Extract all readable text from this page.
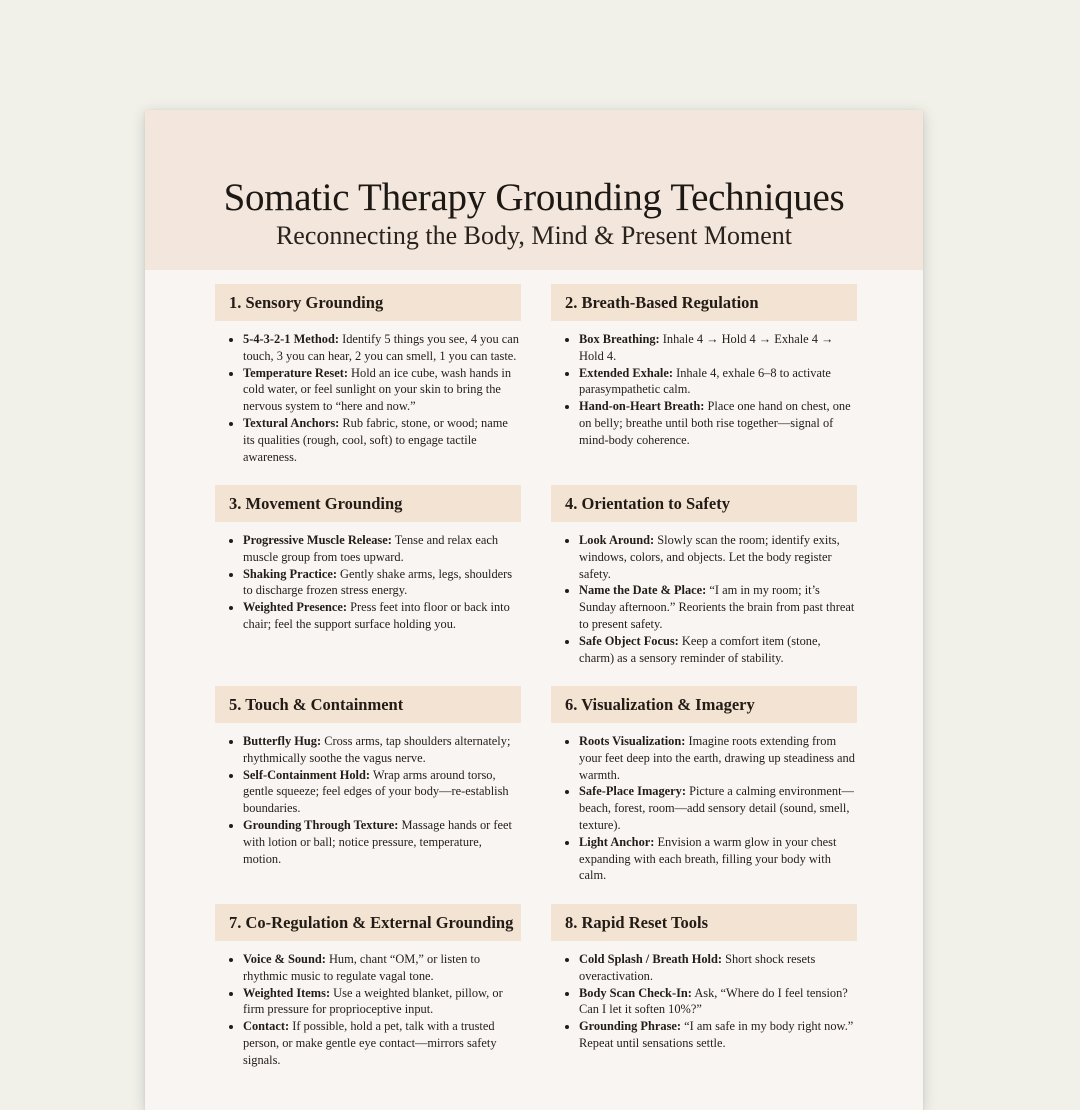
Somatic Therapy Grounding Techniques
Reconnecting the Body, Mind & Present Moment
1. Sensory Grounding
5-4-3-2-1 Method: Identify 5 things you see, 4 you can touch, 3 you can hear, 2 you can smell, 1 you can taste.
Temperature Reset: Hold an ice cube, wash hands in cold water, or feel sunlight on your skin to bring the nervous system to “here and now.”
Textural Anchors: Rub fabric, stone, or wood; name its qualities (rough, cool, soft) to engage tactile awareness.
2. Breath-Based Regulation
Box Breathing: Inhale 4 → Hold 4 → Exhale 4 → Hold 4.
Extended Exhale: Inhale 4, exhale 6–8 to activate parasympathetic calm.
Hand-on-Heart Breath: Place one hand on chest, one on belly; breathe until both rise together—signal of mind-body coherence.
3. Movement Grounding
Progressive Muscle Release: Tense and relax each muscle group from toes upward.
Shaking Practice: Gently shake arms, legs, shoulders to discharge frozen stress energy.
Weighted Presence: Press feet into floor or back into chair; feel the support surface holding you.
4. Orientation to Safety
Look Around: Slowly scan the room; identify exits, windows, colors, and objects. Let the body register safety.
Name the Date & Place: “I am in my room; it’s Sunday afternoon.” Reorients the brain from past threat to present safety.
Safe Object Focus: Keep a comfort item (stone, charm) as a sensory reminder of stability.
5. Touch & Containment
Butterfly Hug: Cross arms, tap shoulders alternately; rhythmically soothe the vagus nerve.
Self-Containment Hold: Wrap arms around torso, gentle squeeze; feel edges of your body—re-establish boundaries.
Grounding Through Texture: Massage hands or feet with lotion or ball; notice pressure, temperature, motion.
6. Visualization & Imagery
Roots Visualization: Imagine roots extending from your feet deep into the earth, drawing up steadiness and warmth.
Safe-Place Imagery: Picture a calming environment—beach, forest, room—add sensory detail (sound, smell, texture).
Light Anchor: Envision a warm glow in your chest expanding with each breath, filling your body with calm.
7. Co-Regulation & External Grounding
Voice & Sound: Hum, chant “OM,” or listen to rhythmic music to regulate vagal tone.
Weighted Items: Use a weighted blanket, pillow, or firm pressure for proprioceptive input.
Contact: If possible, hold a pet, talk with a trusted person, or make gentle eye contact—mirrors safety signals.
8. Rapid Reset Tools
Cold Splash / Breath Hold: Short shock resets overactivation.
Body Scan Check-In: Ask, “Where do I feel tension? Can I let it soften 10%?”
Grounding Phrase: “I am safe in my body right now.” Repeat until sensations settle.
